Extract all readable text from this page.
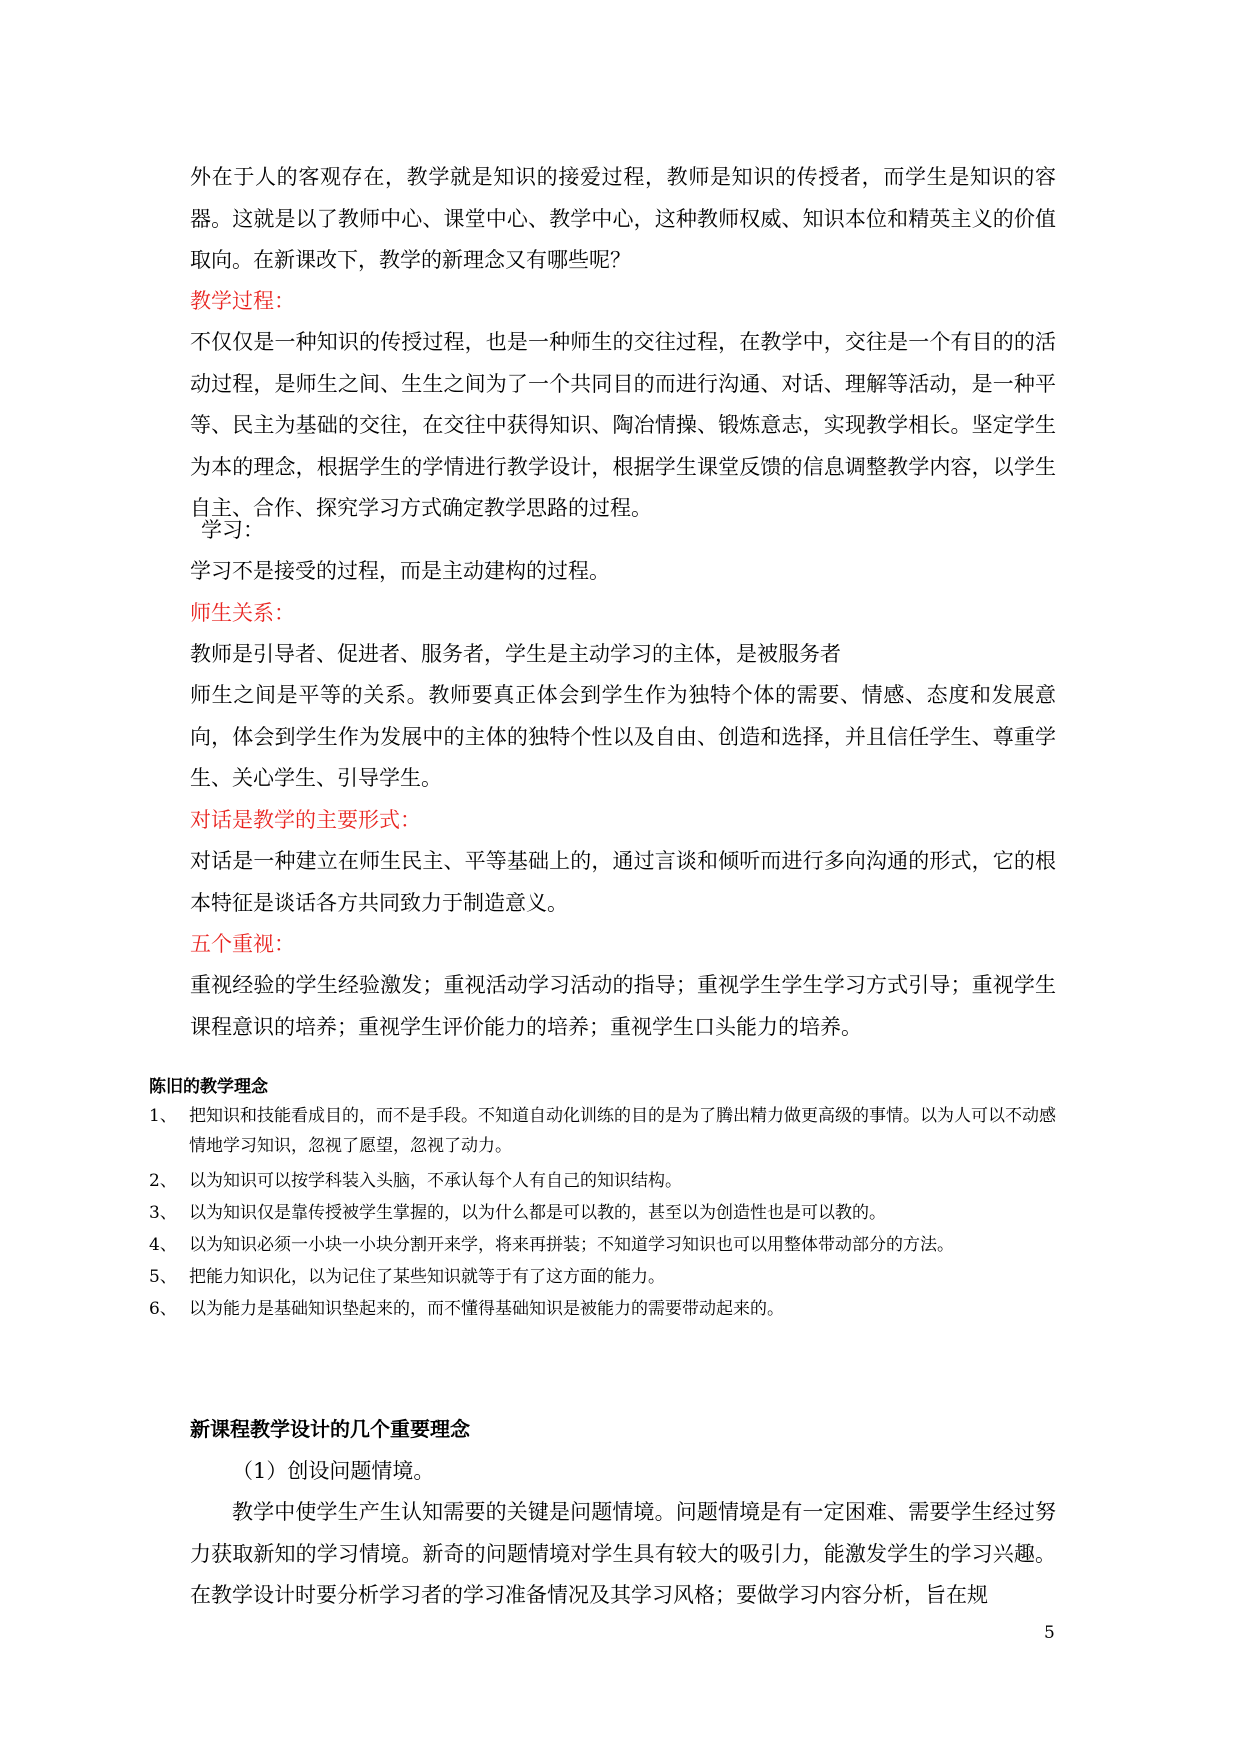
外在于人的客观存在，教学就是知识的接爱过程，教师是知识的传授者，而学生是知识的容器。这就是以了教师中心、课堂中心、教学中心，这种教师权威、知识本位和精英主义的价值取向。在新课改下，教学的新理念又有哪些呢？

教学过程：

不仅仅是一种知识的传授过程，也是一种师生的交往过程，在教学中，交往是一个有目的的活动过程，是师生之间、生生之间为了一个共同目的而进行沟通、对话、理解等活动，是一种平等、民主为基础的交往，在交往中获得知识、陶冶情操、锻炼意志，实现教学相长。坚定学生为本的理念，根据学生的学情进行教学设计，根据学生课堂反馈的信息调整教学内容，以学生自主、合作、探究学习方式确定教学思路的过程。

学习：

学习不是接受的过程，而是主动建构的过程。

师生关系：

教师是引导者、促进者、服务者，学生是主动学习的主体，是被服务者

师生之间是平等的关系。教师要真正体会到学生作为独特个体的需要、情感、态度和发展意向，体会到学生作为发展中的主体的独特个性以及自由、创造和选择，并且信任学生、尊重学生、关心学生、引导学生。

对话是教学的主要形式：

对话是一种建立在师生民主、平等基础上的，通过言谈和倾听而进行多向沟通的形式，它的根本特征是谈话各方共同致力于制造意义。

五个重视：

重视经验的学生经验激发；重视活动学习活动的指导；重视学生学生学习方式引导；重视学生课程意识的培养；重视学生评价能力的培养；重视学生口头能力的培养。

陈旧的教学理念

1、 把知识和技能看成目的，而不是手段。不知道自动化训练的目的是为了腾出精力做更高级的事情。以为人可以不动感情地学习知识，忽视了愿望，忽视了动力。
2、 以为知识可以按学科装入头脑，不承认每个人有自己的知识结构。
3、 以为知识仅是靠传授被学生掌握的，以为什么都是可以教的，甚至以为创造性也是可以教的。
4、 以为知识必须一小块一小块分割开来学，将来再拼装；不知道学习知识也可以用整体带动部分的方法。
5、 把能力知识化，以为记住了某些知识就等于有了这方面的能力。
6、 以为能力是基础知识垫起来的，而不懂得基础知识是被能力的需要带动起来的。

新课程教学设计的几个重要理念

（1）创设问题情境。

教学中使学生产生认知需要的关键是问题情境。问题情境是有一定困难、需要学生经过努力获取新知的学习情境。新奇的问题情境对学生具有较大的吸引力，能激发学生的学习兴趣。在教学设计时要分析学习者的学习准备情况及其学习风格；要做学习内容分析，旨在规

5
